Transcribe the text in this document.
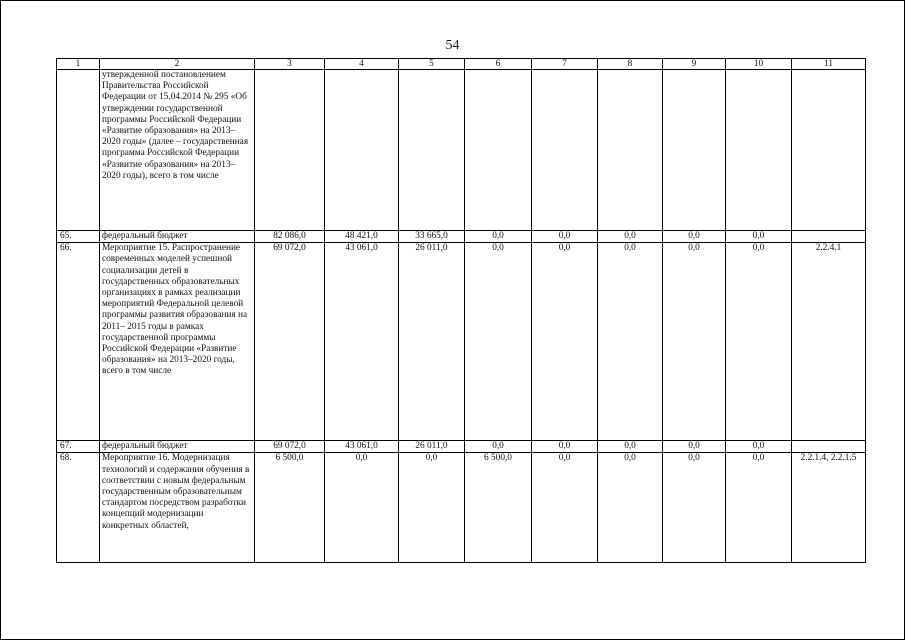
54
1	2	3	4	5	6	7	8	9	10	11
	утвержденной постановлением Правительства Российской Федерации от 15.04.2014 № 295 «Об утверждении государственной программы Российской Федерации «Развитие образования» на 2013–2020 годы» (далее – государственная программа Российской Федерации «Развитие образования» на 2013–2020 годы), всего в том числе									
65.	федеральный бюджет	82 086,0	48 421,0	33 665,0	0,0	0,0	0,0	0,0	0,0	
66.	Мероприятие 15. Распространение современных моделей успешной социализации детей в государственных образовательных организациях в рамках реализации мероприятий Федеральной целевой программы развития образования на 2011– 2015 годы в рамках государственной программы Российской Федерации «Развитие образования» на 2013–2020 годы, всего в том числе	69 072,0	43 061,0	26 011,0	0,0	0,0	0,0	0,0	0,0	2.2.4.1
67.	федеральный бюджет	69 072,0	43 061,0	26 011,0	0,0	0,0	0,0	0,0	0,0	
68.	Мероприятие 16. Модернизация технологий и содержания обучения в соответствии с новым федеральным государственным образовательным стандартом посредством разработки концепций модернизации конкретных областей,	6 500,0	0,0	0,0	6 500,0	0,0	0,0	0,0	0,0	2.2.1.4, 2.2.1.5
